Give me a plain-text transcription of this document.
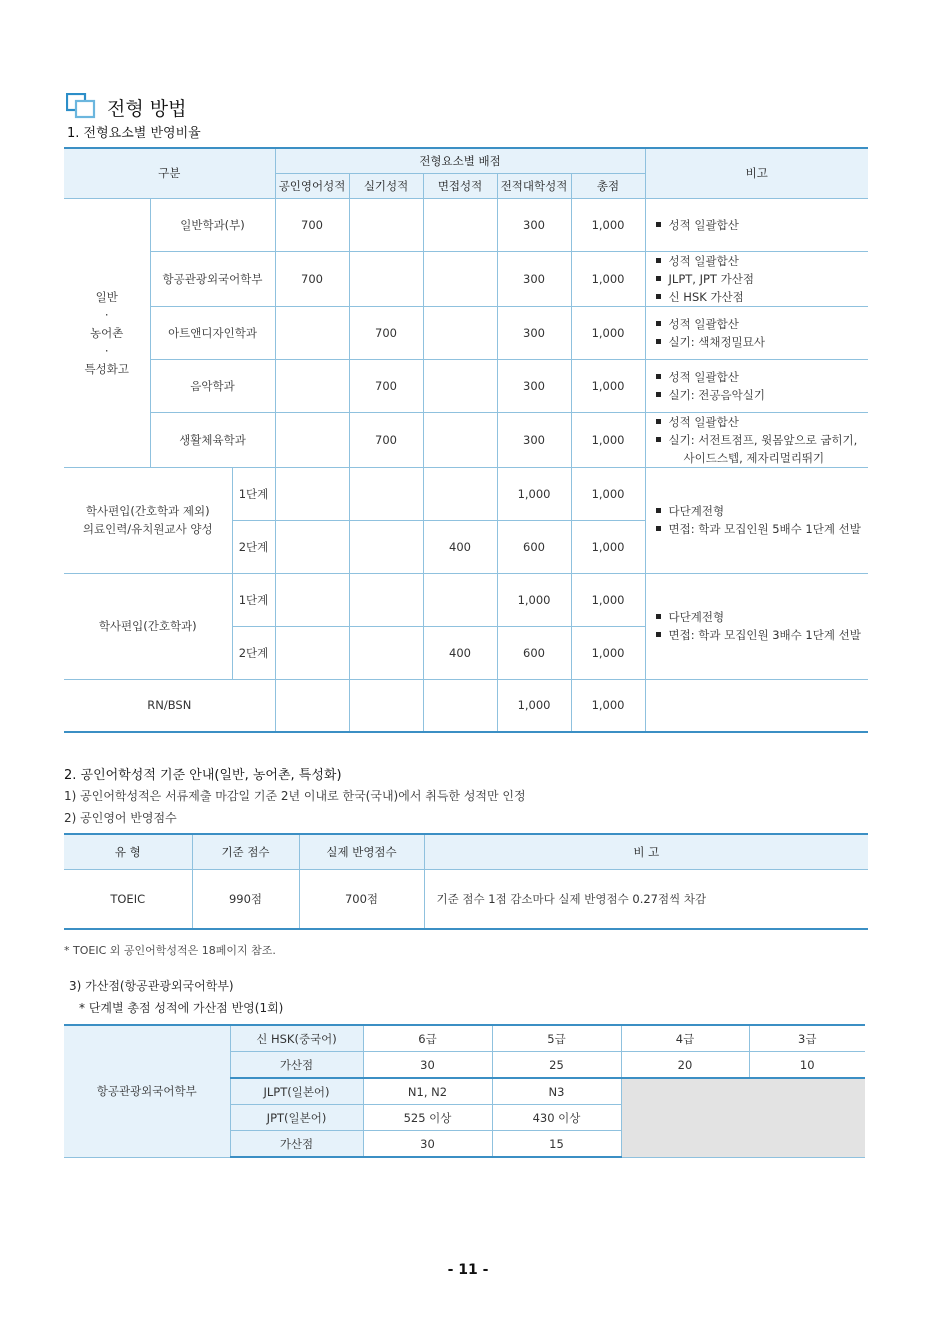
전형 방법
1. 전형요소별 반영비율
구분			전형요소별 배점					비고
			공인영어성적	실기성적	면접성적	전적대학성적	총점	
일반
·
농어촌
·
특성화고	일반학과(부)		700			300	1,000	성적 일괄합산

	항공관광외국어학부		700			300	1,000	성적 일괄합산
JLPT, JPT 가산점
신 HSK 가산점

	아트앤디자인학과			700		300	1,000	성적 일괄합산
실기: 색채정밀묘사

	음악학과			700		300	1,000	성적 일괄합산
실기: 전공음악실기

	생활체육학과			700		300	1,000	성적 일괄합산
실기: 서전트점프, 윗몸앞으로 굽히기,
사이드스텝, 제자리멀리뛰기

학사편입(간호학과 제외)
의료인력/유치원교사 양성		1단계				1,000	1,000	다단계전형
면접: 학과 모집인원 5배수 1단계 선발

		2단계			400	600	1,000	
학사편입(간호학과)		1단계				1,000	1,000	다단계전형
면접: 학과 모집인원 3배수 1단계 선발

		2단계			400	600	1,000	
RN/BSN						1,000	1,000	
2. 공인어학성적 기준 안내(일반, 농어촌, 특성화)
1) 공인어학성적은 서류제출 마감일 기준 2년 이내로 한국(국내)에서 취득한 성적만 인정
2) 공인영어 반영점수
유 형	기준 점수	실제 반영점수	비 고
TOEIC	990점	700점	기준 점수 1점 감소마다 실제 반영점수 0.27점씩 차감
* TOEIC 외 공인어학성적은 18페이지 참조.
3) 가산점(항공관광외국어학부)
* 단계별 총점 성적에 가산점 반영(1회)
항공관광외국어학부	신 HSK(중국어)	6급	5급	4급	3급
	가산점	30	25	20	10
	JLPT(일본어)	N1, N2	N3		
	JPT(일본어)	525 이상	430 이상		
	가산점	30	15		
- 11 -
